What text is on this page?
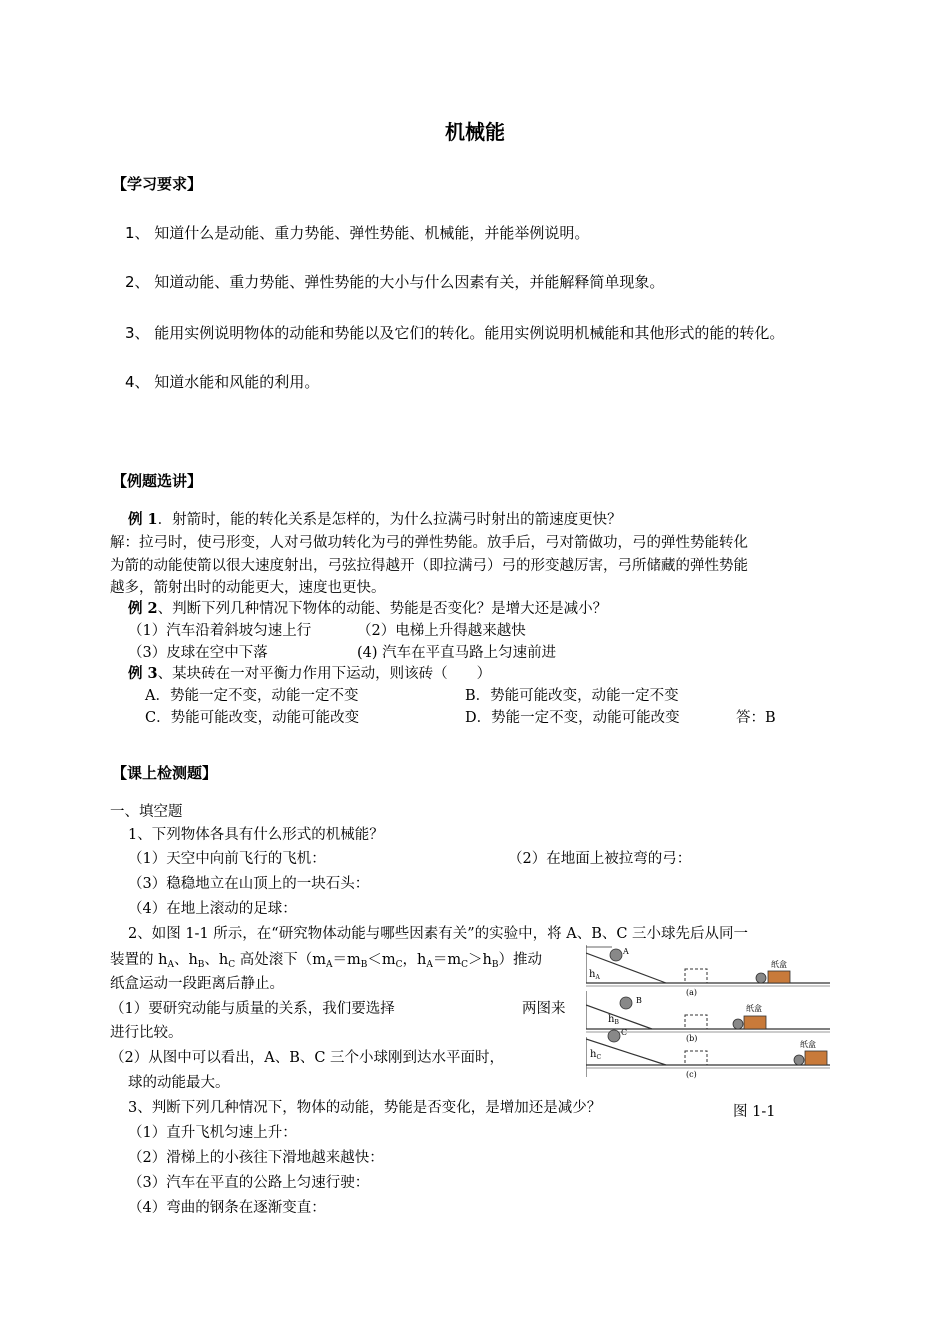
机械能
【学习要求】
1、 知道什么是动能、重力势能、弹性势能、机械能，并能举例说明。
2、 知道动能、重力势能、弹性势能的大小与什么因素有关，并能解释简单现象。
3、 能用实例说明物体的动能和势能以及它们的转化。能用实例说明机械能和其他形式的能的转化。
4、 知道水能和风能的利用。
【例题选讲】
例 1．射箭时，能的转化关系是怎样的，为什么拉满弓时射出的箭速度更快？
解：拉弓时，使弓形变，人对弓做功转化为弓的弹性势能。放手后，弓对箭做功，弓的弹性势能转化
为箭的动能使箭以很大速度射出，弓弦拉得越开（即拉满弓）弓的形变越厉害，弓所储藏的弹性势能
越多，箭射出时的动能更大，速度也更快。
例 2、判断下列几种情况下物体的动能、势能是否变化？是增大还是减小？
（1）汽车沿着斜坡匀速上行	（2）电梯上升得越来越快
（3）皮球在空中下落	(4) 汽车在平直马路上匀速前进
例 3、某块砖在一对平衡力作用下运动，则该砖（　　）
A．势能一定不变，动能一定不变	B．势能可能改变，动能一定不变
C．势能可能改变，动能可能改变	D．势能一定不变，动能可能改变	答：B
【课上检测题】
一、填空题
1、下列物体各具有什么形式的机械能？
（1）天空中向前飞行的飞机：	（2）在地面上被拉弯的弓：
（3）稳稳地立在山顶上的一块石头：
（4）在地上滚动的足球：
2、如图 1-1 所示，在“研究物体动能与哪些因素有关”的实验中，将 A、B、C 三小球先后从同一
装置的 $h_A$、$h_B$、$h_C$ 高处滚下（$m_A=m_B<m_C$，$h_A=m_C>h_B$）推动
纸盒运动一段距离后静止。
（1）要研究动能与质量的关系，我们要选择	两图来
进行比较。
（2）从图中可以看出，A、B、C 三个小球刚到达水平面时，
球的动能最大。
3、判断下列几种情况下，物体的动能，势能是否变化，是增加还是减少？
（1）直升飞机匀速上升：
（2）滑梯上的小孩往下滑地越来越快：
（3）汽车在平直的公路上匀速行驶：
（4）弯曲的钢条在逐渐变直：
图 1-1
A
$h_A$
(a)
纸盒
B
$h_B$
(b)
纸盒
C
$h_C$
(c)
纸盒
